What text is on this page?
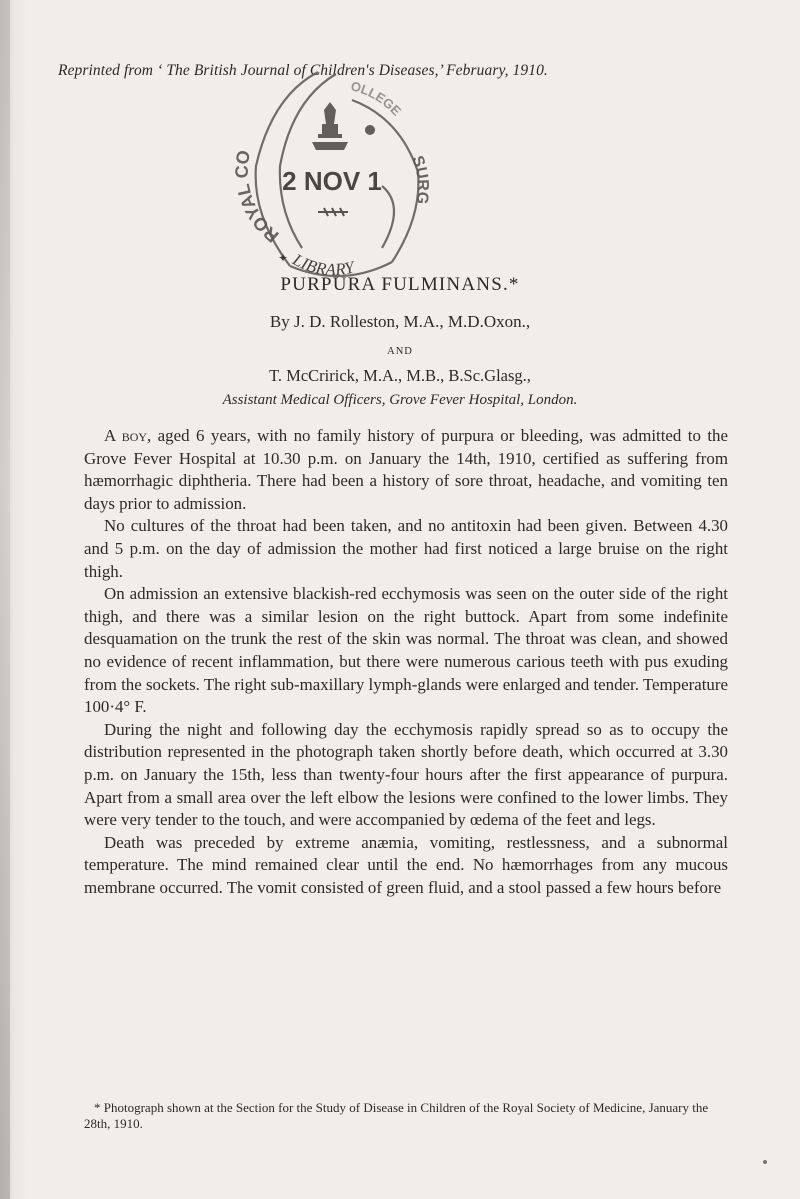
Reprinted from ‘ The British Journal of Children's Diseases,’ February, 1910.
ROYAL CO
OLLEGE
SURG
2 NOV 1
LIBRARY
✦
PURPURA FULMINANS.*
By J. D. Rolleston, M.A., M.D.Oxon.,
AND
T. McCririck, M.A., M.B., B.Sc.Glasg.,
Assistant Medical Officers, Grove Fever Hospital, London.

A boy, aged 6 years, with no family history of purpura or bleeding, was admitted to the Grove Fever Hospital at 10.30 p.m. on January the 14th, 1910, certified as suffering from hæmorrhagic diphtheria. There had been a history of sore throat, headache, and vomiting ten days prior to admission.

No cultures of the throat had been taken, and no antitoxin had been given. Between 4.30 and 5 p.m. on the day of admission the mother had first noticed a large bruise on the right thigh.

On admission an extensive blackish-red ecchymosis was seen on the outer side of the right thigh, and there was a similar lesion on the right buttock. Apart from some indefinite desquamation on the trunk the rest of the skin was normal. The throat was clean, and showed no evidence of recent inflammation, but there were numerous carious teeth with pus exuding from the sockets. The right sub-maxillary lymph-glands were enlarged and tender. Temperature 100·4° F.

During the night and following day the ecchymosis rapidly spread so as to occupy the distribution represented in the photograph taken shortly before death, which occurred at 3.30 p.m. on January the 15th, less than twenty-four hours after the first appearance of purpura. Apart from a small area over the left elbow the lesions were confined to the lower limbs. They were very tender to the touch, and were accompanied by œdema of the feet and legs.

Death was preceded by extreme anæmia, vomiting, restlessness, and a subnormal temperature. The mind remained clear until the end. No hæmorrhages from any mucous membrane occurred. The vomit consisted of green fluid, and a stool passed a few hours before

* Photograph shown at the Section for the Study of Disease in Children of the Royal Society of Medicine, January the 28th, 1910.
